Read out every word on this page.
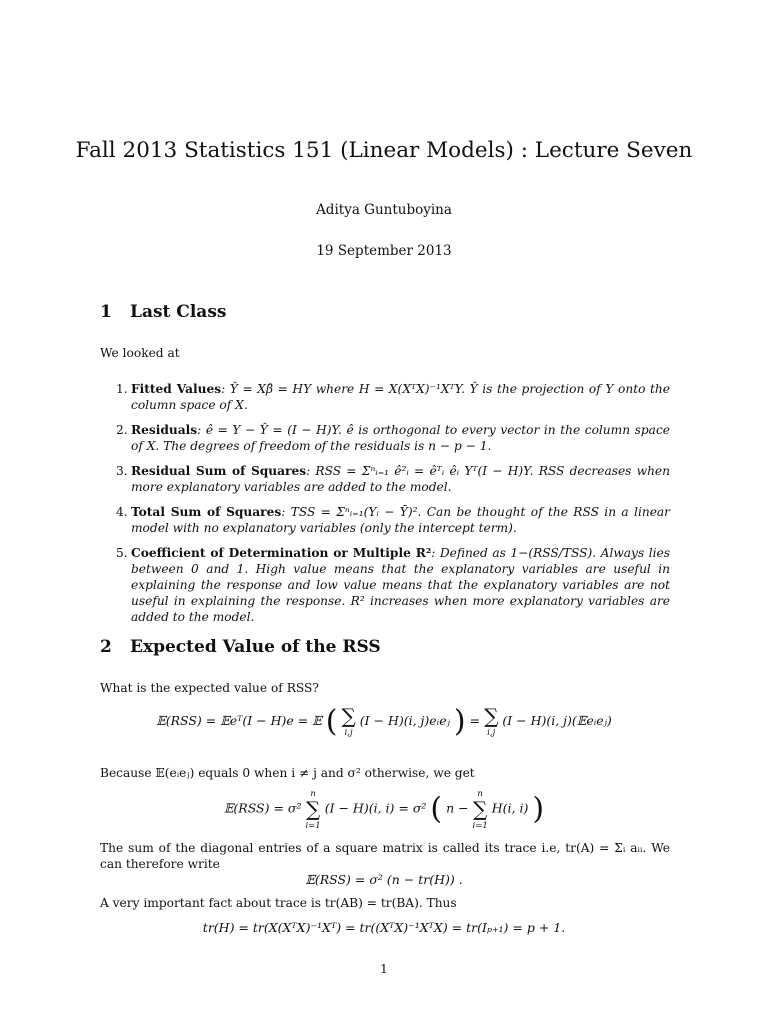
Fall 2013 Statistics 151 (Linear Models) : Lecture Seven
Aditya Guntuboyina
19 September 2013
1 Last Class
We looked at
1 . Fitted Values: Ŷ = Xβ̂ = HY where H = X(XᵀX)⁻¹XᵀY. Ŷ is the projection of Y onto the column space of X.
2 . Residuals: ê = Y − Ŷ = (I − H)Y. ê is orthogonal to every vector in the column space of X. The degrees of freedom of the residuals is n − p − 1.
3 . Residual Sum of Squares: RSS = Σⁿᵢ₌₁ ê²ᵢ = êᵀᵢ êᵢ Yᵀ(I − H)Y. RSS decreases when more explanatory variables are added to the model.
4 . Total Sum of Squares: TSS = Σⁿᵢ₌₁(Yᵢ − Ȳ)². Can be thought of the RSS in a linear model with no explanatory variables (only the intercept term).
5 . Coefficient of Determination or Multiple R²: Defined as 1−(RSS/TSS). Always lies between 0 and 1. High value means that the explanatory variables are useful in explaining the response and low value means that the explanatory variables are not useful in explaining the response. R² increases when more explanatory variables are added to the model.
2 Expected Value of the RSS
What is the expected value of RSS?
𝔼(RSS) = 𝔼eᵀ(I − H)e = 𝔼 ( ∑
i,j (I − H)(i, j)eᵢeⱼ ) = ∑
i,j (I − H)(i, j)(𝔼eᵢeⱼ)
Because 𝔼(eᵢeⱼ) equals 0 when i ≠ j and σ² otherwise, we get
𝔼(RSS) = σ² n
∑
i=1 (I − H)(i, i) = σ² ( n − n
∑
i=1 H(i, i) )
The sum of the diagonal entries of a square matrix is called its trace i.e, tr(A) = Σᵢ aᵢᵢ. We can therefore write
𝔼(RSS) = σ² (n − tr(H)) .
A very important fact about trace is tr(AB) = tr(BA). Thus
tr(H) = tr(X(XᵀX)⁻¹Xᵀ) = tr((XᵀX)⁻¹XᵀX) = tr(Iₚ₊₁) = p + 1.
1
